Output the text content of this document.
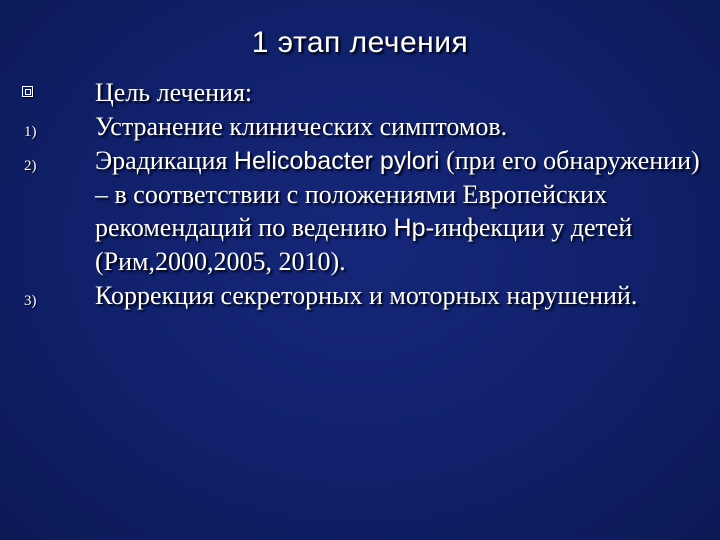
1 этап лечения
Цель лечения:
1) Устранение клинических симптомов.
2) Эрадикация Helicobacter pylori (при его обнаружении) – в соответствии с положениями Европейских рекомендаций по ведению Hp-инфекции у детей (Рим,2000,2005, 2010).
3) Коррекция секреторных и моторных нарушений.
